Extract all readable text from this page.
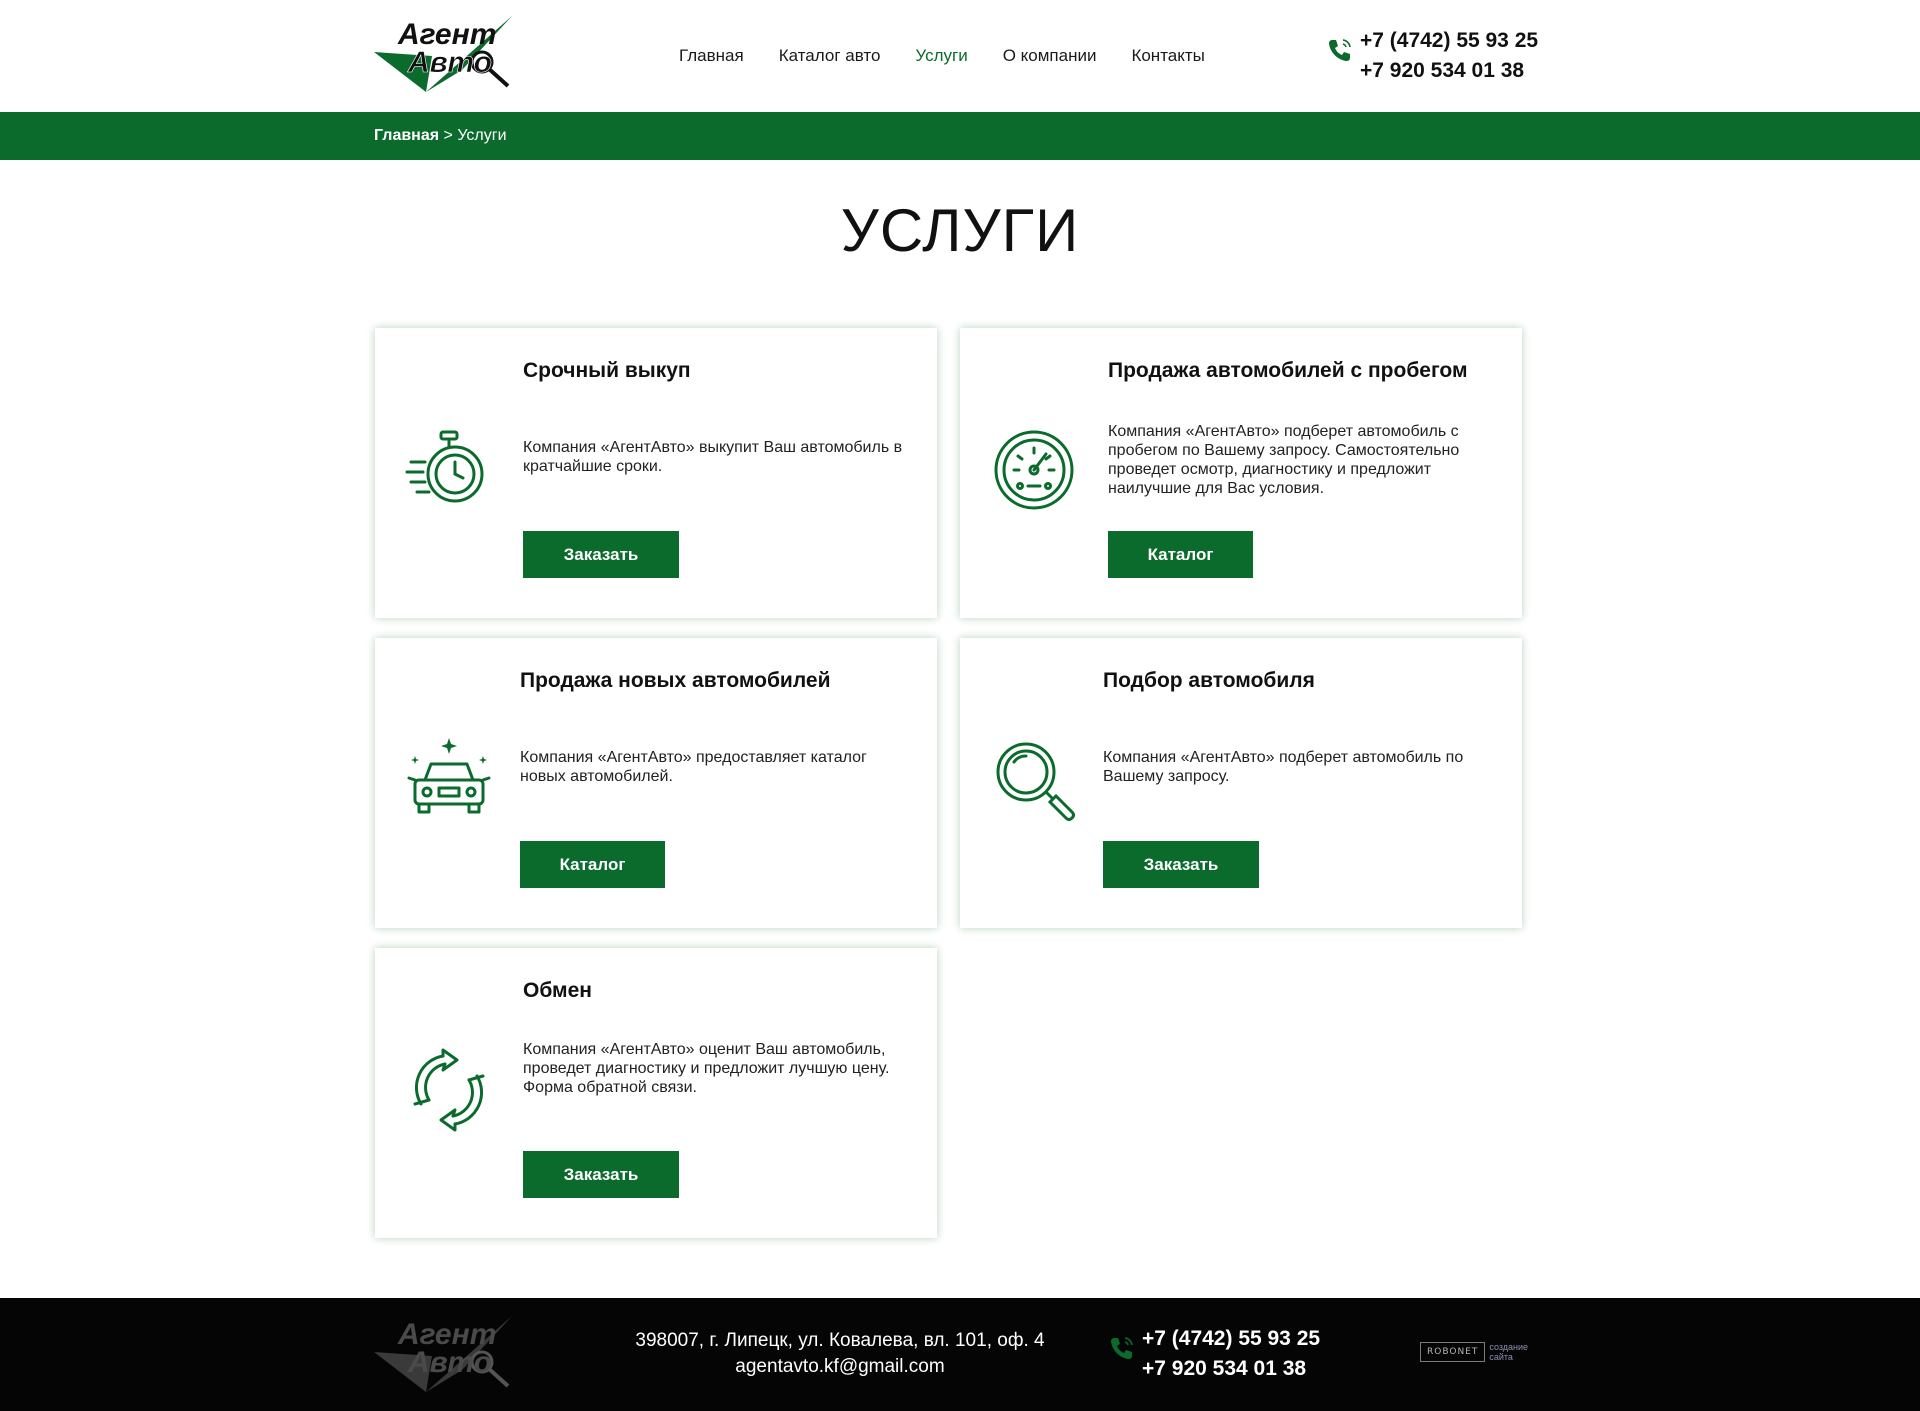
Агент
Авто	Главная Каталог авто Услуги О компании Контакты
+7 (4742) 55 93 25
+7 920 534 01 38
Главная > Услуги
УСЛУГИ
Срочный выкуп
Компания «АгентАвто» выкупит Ваш автомобиль в кратчайшие сроки.
Заказать
Продажа автомобилей с пробегом
Компания «АгентАвто» подберет автомобиль с пробегом по Вашему запросу. Самостоятельно проведет осмотр, диагностику и предложит наилучшие для Вас условия.
Каталог
Продажа новых автомобилей
Компания «АгентАвто» предоставляет каталог новых автомобилей.
Каталог
Подбор автомобиля
Компания «АгентАвто» подберет автомобиль по Вашему запросу.
Заказать
Обмен
Компания «АгентАвто» оценит Ваш автомобиль, проведет диагностику и предложит лучшую цену. Форма обратной связи.
Заказать
Агент
Авто
398007, г. Липецк, ул. Ковалева, вл. 101, оф. 4
agentavto.kf@gmail.com
+7 (4742) 55 93 25
+7 920 534 01 38
ROBONET	создание
сайта
